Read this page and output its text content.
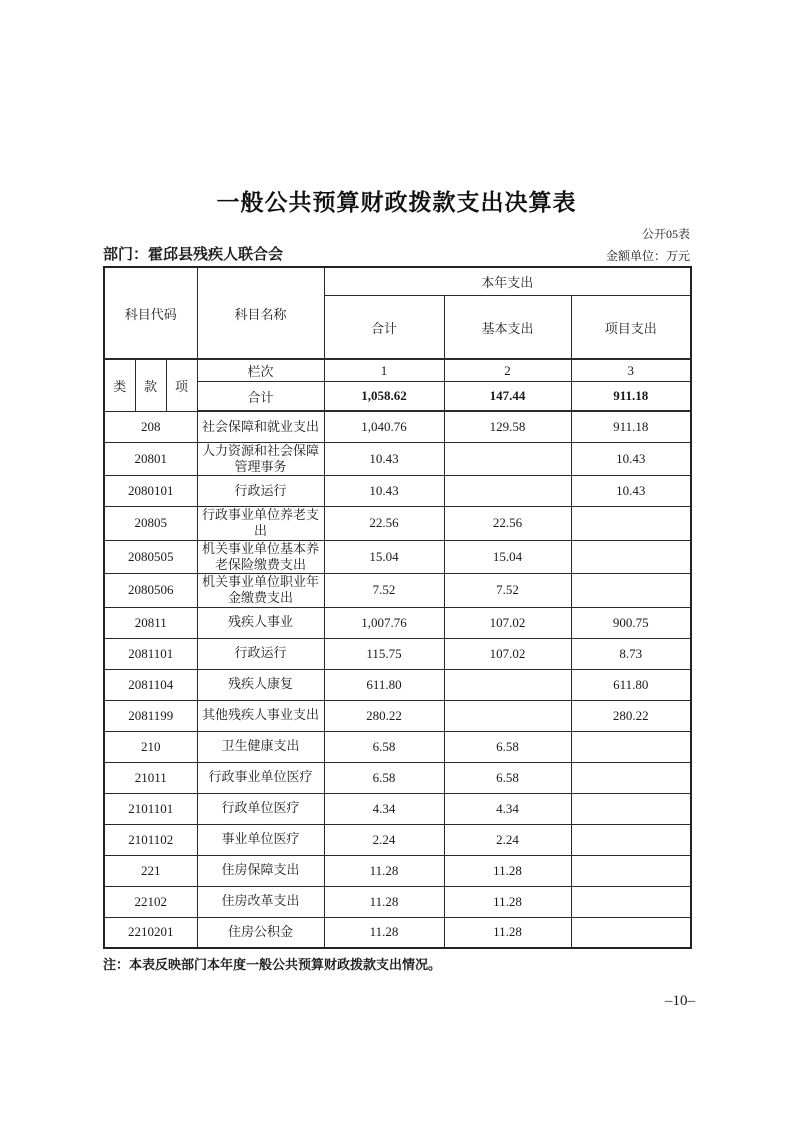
一般公共预算财政拨款支出决算表
公开05表
部门：霍邱县残疾人联合会	金额单位：万元
科目代码			科目名称	本年支出		
				合计	基本支出	项目支出
类	款	项	栏次	1	2	3
			合计	1,058.62	147.44	911.18
208			社会保障和就业支出	1,040.76	129.58	911.18
20801			人力资源和社会保障管理事务	10.43		10.43
2080101			行政运行	10.43		10.43
20805			行政事业单位养老支出	22.56	22.56	
2080505			机关事业单位基本养老保险缴费支出	15.04	15.04	
2080506			机关事业单位职业年金缴费支出	7.52	7.52	
20811			残疾人事业	1,007.76	107.02	900.75
2081101			行政运行	115.75	107.02	8.73
2081104			残疾人康复	611.80		611.80
2081199			其他残疾人事业支出	280.22		280.22
210			卫生健康支出	6.58	6.58	
21011			行政事业单位医疗	6.58	6.58	
2101101			行政单位医疗	4.34	4.34	
2101102			事业单位医疗	2.24	2.24	
221			住房保障支出	11.28	11.28	
22102			住房改革支出	11.28	11.28	
2210201			住房公积金	11.28	11.28	
注：本表反映部门本年度一般公共预算财政拨款支出情况。
–10–
